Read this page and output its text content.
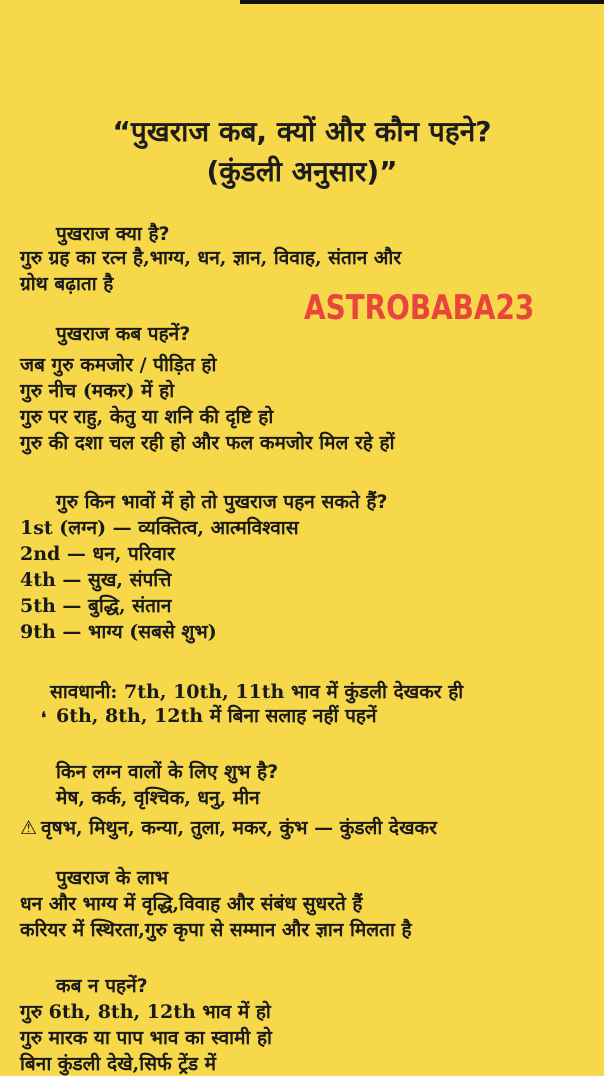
“पुखराज कब, क्यों और कौन पहने?
(कुंडली अनुसार)”
ASTROBABA23
पुखराज क्या है?
गुरु ग्रह का रत्न है,भाग्य, धन, ज्ञान, विवाह, संतान और
ग्रोथ बढ़ाता है
पुखराज कब पहनें?
जब गुरु कमजोर / पीड़ित हो
गुरु नीच (मकर) में हो
गुरु पर राहु, केतु या शनि की दृष्टि हो
गुरु की दशा चल रही हो और फल कमजोर मिल रहे हों
गुरु किन भावों में हो तो पुखराज पहन सकते हैं?
1st (लग्न) — व्यक्तित्व, आत्मविश्वास
2nd — धन, परिवार
4th — सुख, संपत्ति
5th — बुद्धि, संतान
9th — भाग्य (सबसे शुभ)
सावधानी: 7th, 10th, 11th भाव में कुंडली देखकर ही
❛ 6th, 8th, 12th में बिना सलाह नहीं पहनें
किन लग्न वालों के लिए शुभ है?
मेष, कर्क, वृश्चिक, धनु, मीन
⚠ वृषभ, मिथुन, कन्या, तुला, मकर, कुंभ — कुंडली देखकर
पुखराज के लाभ
धन और भाग्य में वृद्धि,विवाह और संबंध सुधरते हैं
करियर में स्थिरता,गुरु कृपा से सम्मान और ज्ञान मिलता है
कब न पहनें?
गुरु 6th, 8th, 12th भाव में हो
गुरु मारक या पाप भाव का स्वामी हो
बिना कुंडली देखे,सिर्फ ट्रेंड में
